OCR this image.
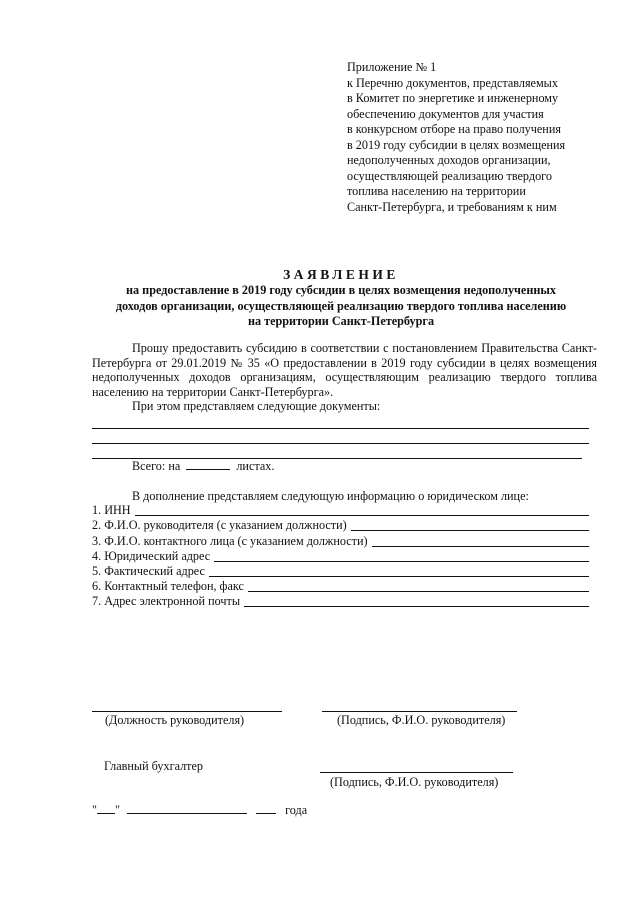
Приложение № 1
к Перечню документов, представляемых
в Комитет по энергетике и инженерному
обеспечению документов для участия
в конкурсном отборе на право получения
в 2019 году субсидии в целях возмещения
недополученных доходов организации,
осуществляющей реализацию твердого
топлива населению на территории
Санкт-Петербурга, и требованиям к ним
ЗАЯВЛЕНИЕ
на предоставление в 2019 году субсидии в целях возмещения недополученных
доходов организации, осуществляющей реализацию твердого топлива населению
на территории Санкт-Петербурга
Прошу предоставить субсидию в соответствии с постановлением Правительства Санкт-Петербурга от 29.01.2019 № 35 «О предоставлении в 2019 году субсидии в целях возмещения недополученных доходов организациям, осуществляющим реализацию твердого топлива населению на территории Санкт-Петербурга».
При этом представляем следующие документы:
Всего: на	листах.
В дополнение представляем следующую информацию о юридическом лице:
1. ИНН
2. Ф.И.О. руководителя (с указанием должности)
3. Ф.И.О. контактного лица (с указанием должности)
4. Юридический адрес
5. Фактический адрес
6. Контактный телефон, факс
7. Адрес электронной почты
(Должность руководителя)	(Подпись, Ф.И.О. руководителя)
Главный бухгалтер
(Подпись, Ф.И.О. руководителя)
" "	года
